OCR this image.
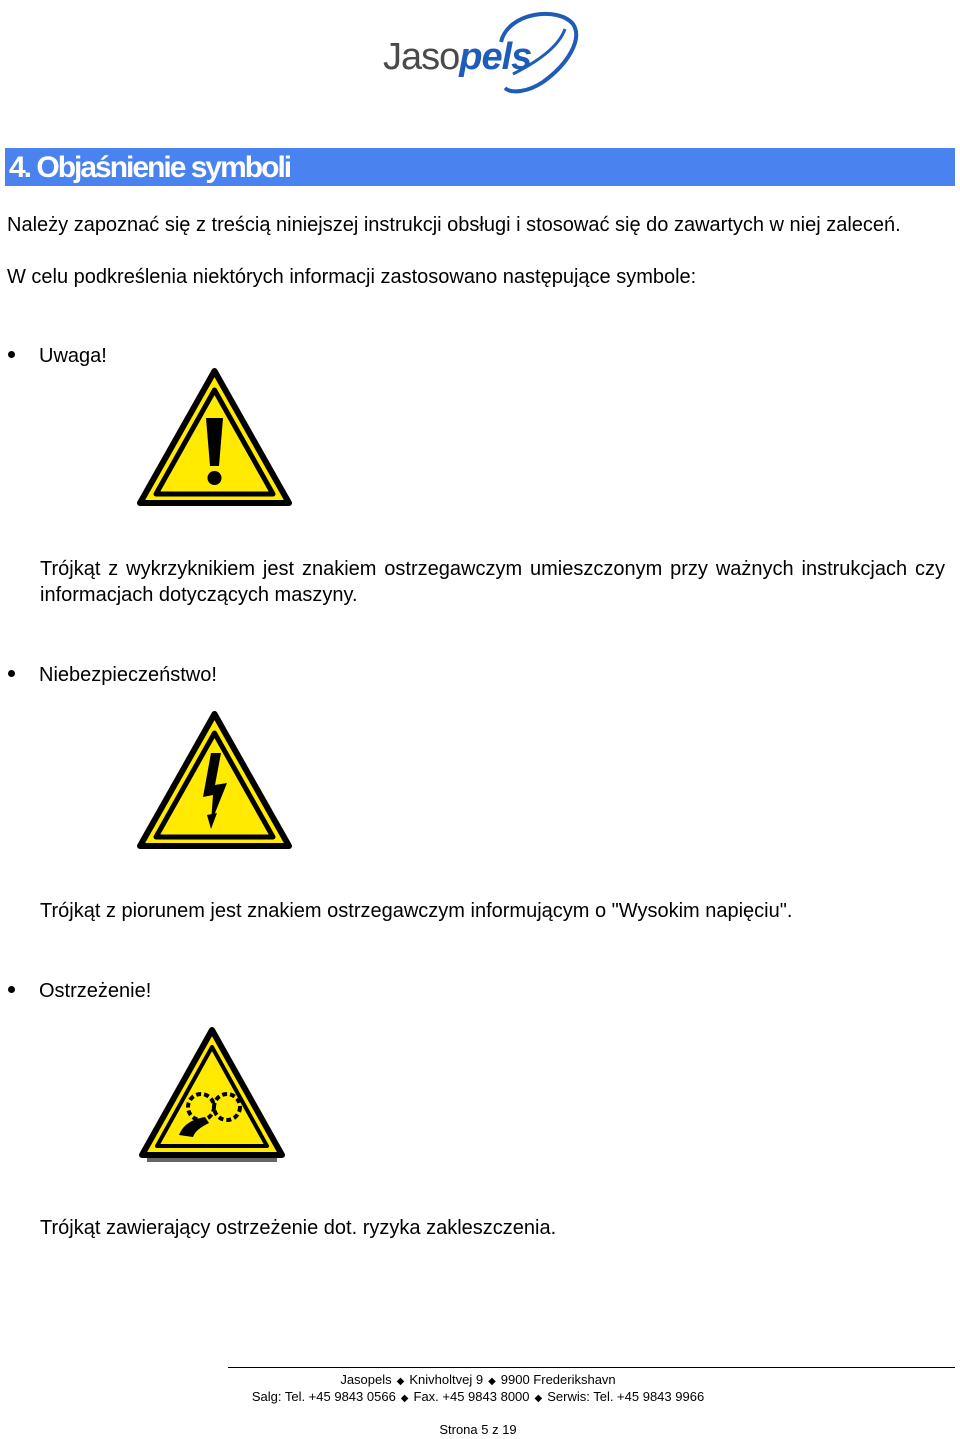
Jasopels
4. Objaśnienie symboli
Należy zapoznać się z treścią niniejszej instrukcji obsługi i stosować się do zawartych w niej zaleceń.
W celu podkreślenia niektórych informacji zastosowano następujące symbole:
Uwaga!
Trójkąt z wykrzyknikiem jest znakiem ostrzegawczym umieszczonym przy ważnych instrukcjach czy informacjach dotyczących maszyny.
Niebezpieczeństwo!
Trójkąt z piorunem jest znakiem ostrzegawczym informującym o "Wysokim napięciu".
Ostrzeżenie!
Trójkąt zawierający ostrzeżenie dot. ryzyka zakleszczenia.
Jasopels ◆ Knivholtvej 9 ◆ 9900 Frederikshavn
Salg: Tel. +45 9843 0566 ◆ Fax. +45 9843 8000 ◆ Serwis: Tel. +45 9843 9966
Strona 5 z 19
